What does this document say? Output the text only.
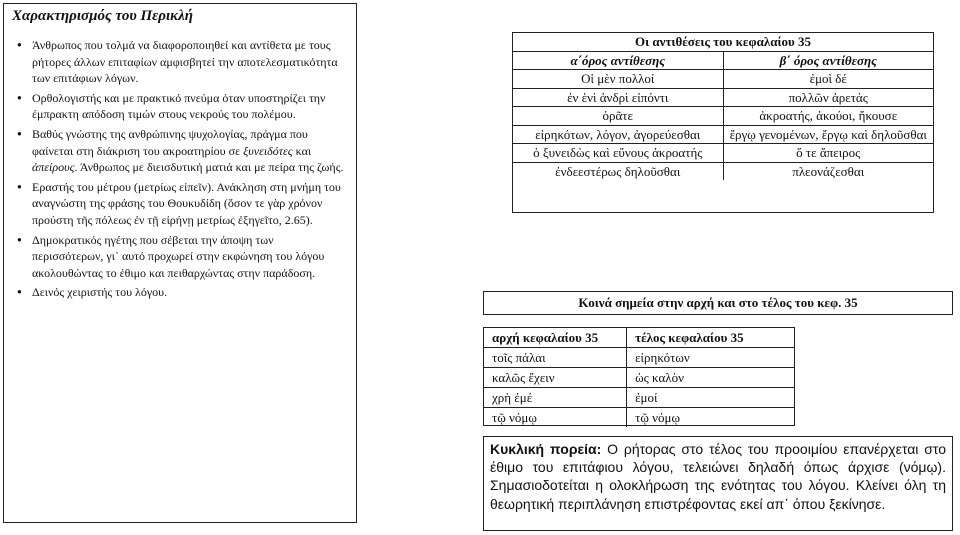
Χαρακτηρισμός του Περικλή
● Άνθρωπος που τολμά να διαφοροποιηθεί και αντίθετα με τους ρήτορες άλλων επιταφίων αμφισβητεί την αποτελεσματικότητα των επιτάφιων λόγων.
● Ορθολογιστής και με πρακτικό πνεύμα όταν υποστηρίζει την έμπρακτη απόδοση τιμών στους νεκρούς του πολέμου.
● Βαθύς γνώστης της ανθρώπινης ψυχολογίας, πράγμα που φαίνεται στη διάκριση του ακροατηρίου σε ξυνειδότες και ἀπείρους. Άνθρωπος με διεισδυτική ματιά και με πείρα της ζωής.
● Εραστής του μέτρου (μετρίως εἰπεῖν). Ανάκληση στη μνήμη του αναγνώστη της φράσης του Θουκυδίδη (ὅσον τε γὰρ χρόνον πρoύστη τῆς πόλεως ἐν τῇ εἰρήνῃ μετρίως ἐξηγεῖτο, 2.65).
● Δημοκρατικός ηγέτης που σέβεται την άποψη των περισσότερων, γι᾽ αυτό προχωρεί στην εκφώνηση του λόγου ακολουθώντας το έθιμο και πειθαρχώντας στην παράδοση.
● Δεινός χειριστής του λόγου.
Οι αντιθέσεις του κεφαλαίου 35	
α΄όρος αντίθεσης	β΄ όρος αντίθεσης
Οἱ μὲν πολλοί	ἐμοὶ δέ
ἐν ἑνὶ ἀνδρὶ εἰπόντι	πολλῶν ἀρετάς
ὁρᾶτε	ἀκροατής, ἀκούοι, ἤκουσε
εἰρηκότων, λόγον, ἀγορεύεσθαι	ἔργῳ γενομένων, ἔργῳ καὶ δηλοῦσθαι
ὁ ξυνειδὼς καὶ εὔνους ἀκροατής	ὅ τε ἄπειρος
ἐνδεεστέρως δηλοῦσθαι	πλεονάζεσθαι
Κοινά σημεία στην αρχή και στο τέλος του κεφ. 35
αρχή κεφαλαίου 35	τέλος κεφαλαίου 35
τοῖς πάλαι	εἰρηκότων
καλῶς ἔχειν	ὡς καλὸν
χρὴ ἐμέ	ἐμοί
τῷ νόμῳ	τῷ νόμῳ
Κυκλική πορεία: Ο ρήτορας στο τέλος του προοιμίου επανέρχεται στο έθιμο του επιτάφιου λόγου, τελειώνει δηλαδή όπως άρχισε (νόμῳ). Σημασιοδοτείται η ολοκλήρωση της ενότητας του λόγου. Κλείνει όλη τη θεωρητική περιπλάνηση επιστρέφοντας εκεί απ᾽ όπου ξεκίνησε.
